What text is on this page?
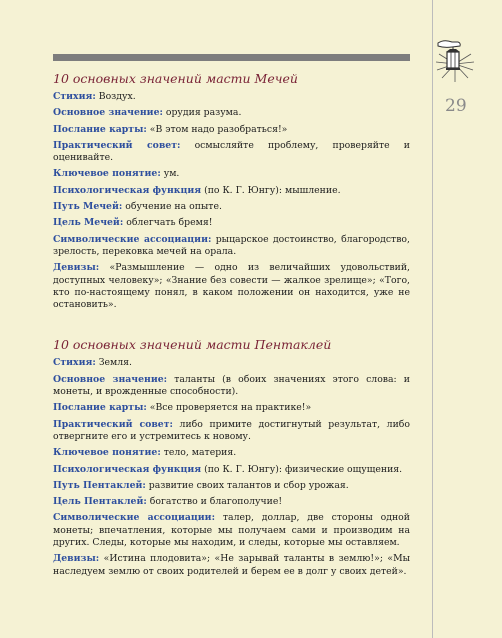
29
10 основных значений масти Мечей

Стихия: Воздух.

Основное значение: орудия разума.

Послание карты: «В этом надо разобраться!»

Практический совет: осмысляйте проблему, проверяйте и оценивайте.

Ключевое понятие: ум.

Психологическая функция (по К. Г. Юнгу): мышление.

Путь Мечей: обучение на опыте.

Цель Мечей: облегчать бремя!

Символические ассоциации: рыцарское достоинство, благородство, зрелость, перековка мечей на орала.

Девизы: «Размышление — одно из величайших удовольствий, доступных человеку»; «Знание без совести — жалкое зрелище»; «Того, кто по-настоящему понял, в каком положении он находится, уже не остановить».

10 основных значений масти Пентаклей

Стихия: Земля.

Основное значение: таланты (в обоих значениях этого слова: и монеты, и врожденные способности).

Послание карты: «Все проверяется на практике!»

Практический совет: либо примите достигнутый результат, либо отвергните его и устремитесь к новому.

Ключевое понятие: тело, материя.

Психологическая функция (по К. Г. Юнгу): физические ощущения.

Путь Пентаклей: развитие своих талантов и сбор урожая.

Цель Пентаклей: богатство и благополучие!

Символические ассоциации: талер, доллар, две стороны одной монеты; впечатления, которые мы получаем сами и производим на других. Следы, которые мы находим, и следы, которые мы оставляем.

Девизы: «Истина плодовита»; «Не зарывай таланты в землю!»; «Мы наследуем землю от своих родителей и берем ее в долг у своих детей».
